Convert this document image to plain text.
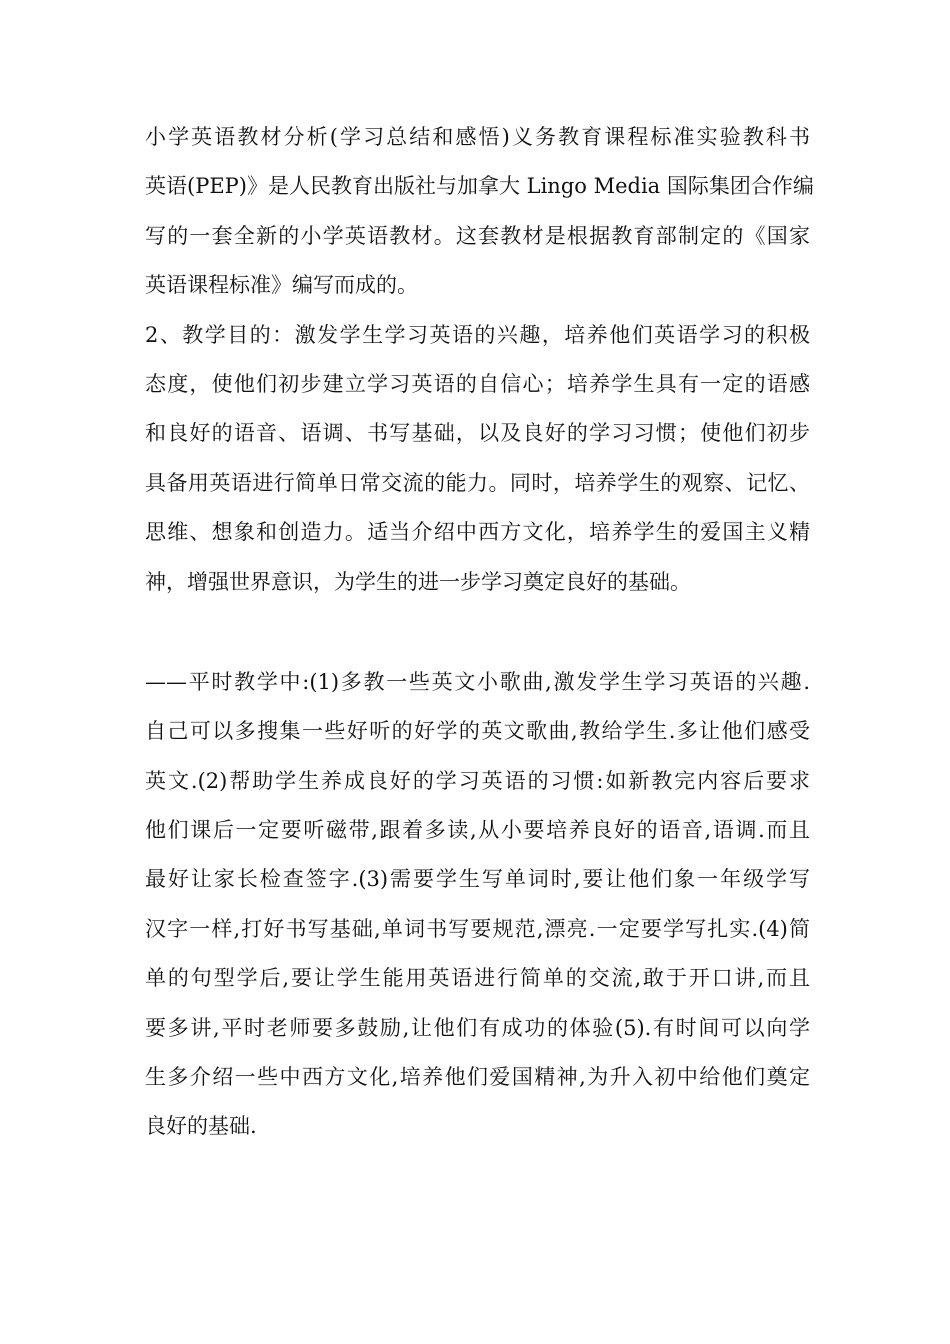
小学英语教材分析(学习总结和感悟)义务教育课程标准实验教科书
英语(PEP)》是人民教育出版社与加拿大 Lingo Media 国际集团合作编
写的一套全新的小学英语教材。这套教材是根据教育部制定的《国家
英语课程标准》编写而成的。
2、教学目的：激发学生学习英语的兴趣，培养他们英语学习的积极
态度，使他们初步建立学习英语的自信心；培养学生具有一定的语感
和良好的语音、语调、书写基础，以及良好的学习习惯；使他们初步
具备用英语进行简单日常交流的能力。同时，培养学生的观察、记忆、
思维、想象和创造力。适当介绍中西方文化，培养学生的爱国主义精
神，增强世界意识，为学生的进一步学习奠定良好的基础。
——平时教学中:(1)多教一些英文小歌曲,激发学生学习英语的兴趣.
自己可以多搜集一些好听的好学的英文歌曲,教给学生.多让他们感受
英文.(2)帮助学生养成良好的学习英语的习惯:如新教完内容后要求
他们课后一定要听磁带,跟着多读,从小要培养良好的语音,语调.而且
最好让家长检查签字.(3)需要学生写单词时,要让他们象一年级学写
汉字一样,打好书写基础,单词书写要规范,漂亮.一定要学写扎实.(4)简
单的句型学后,要让学生能用英语进行简单的交流,敢于开口讲,而且
要多讲,平时老师要多鼓励,让他们有成功的体验(5).有时间可以向学
生多介绍一些中西方文化,培养他们爱国精神,为升入初中给他们奠定
良好的基础.
